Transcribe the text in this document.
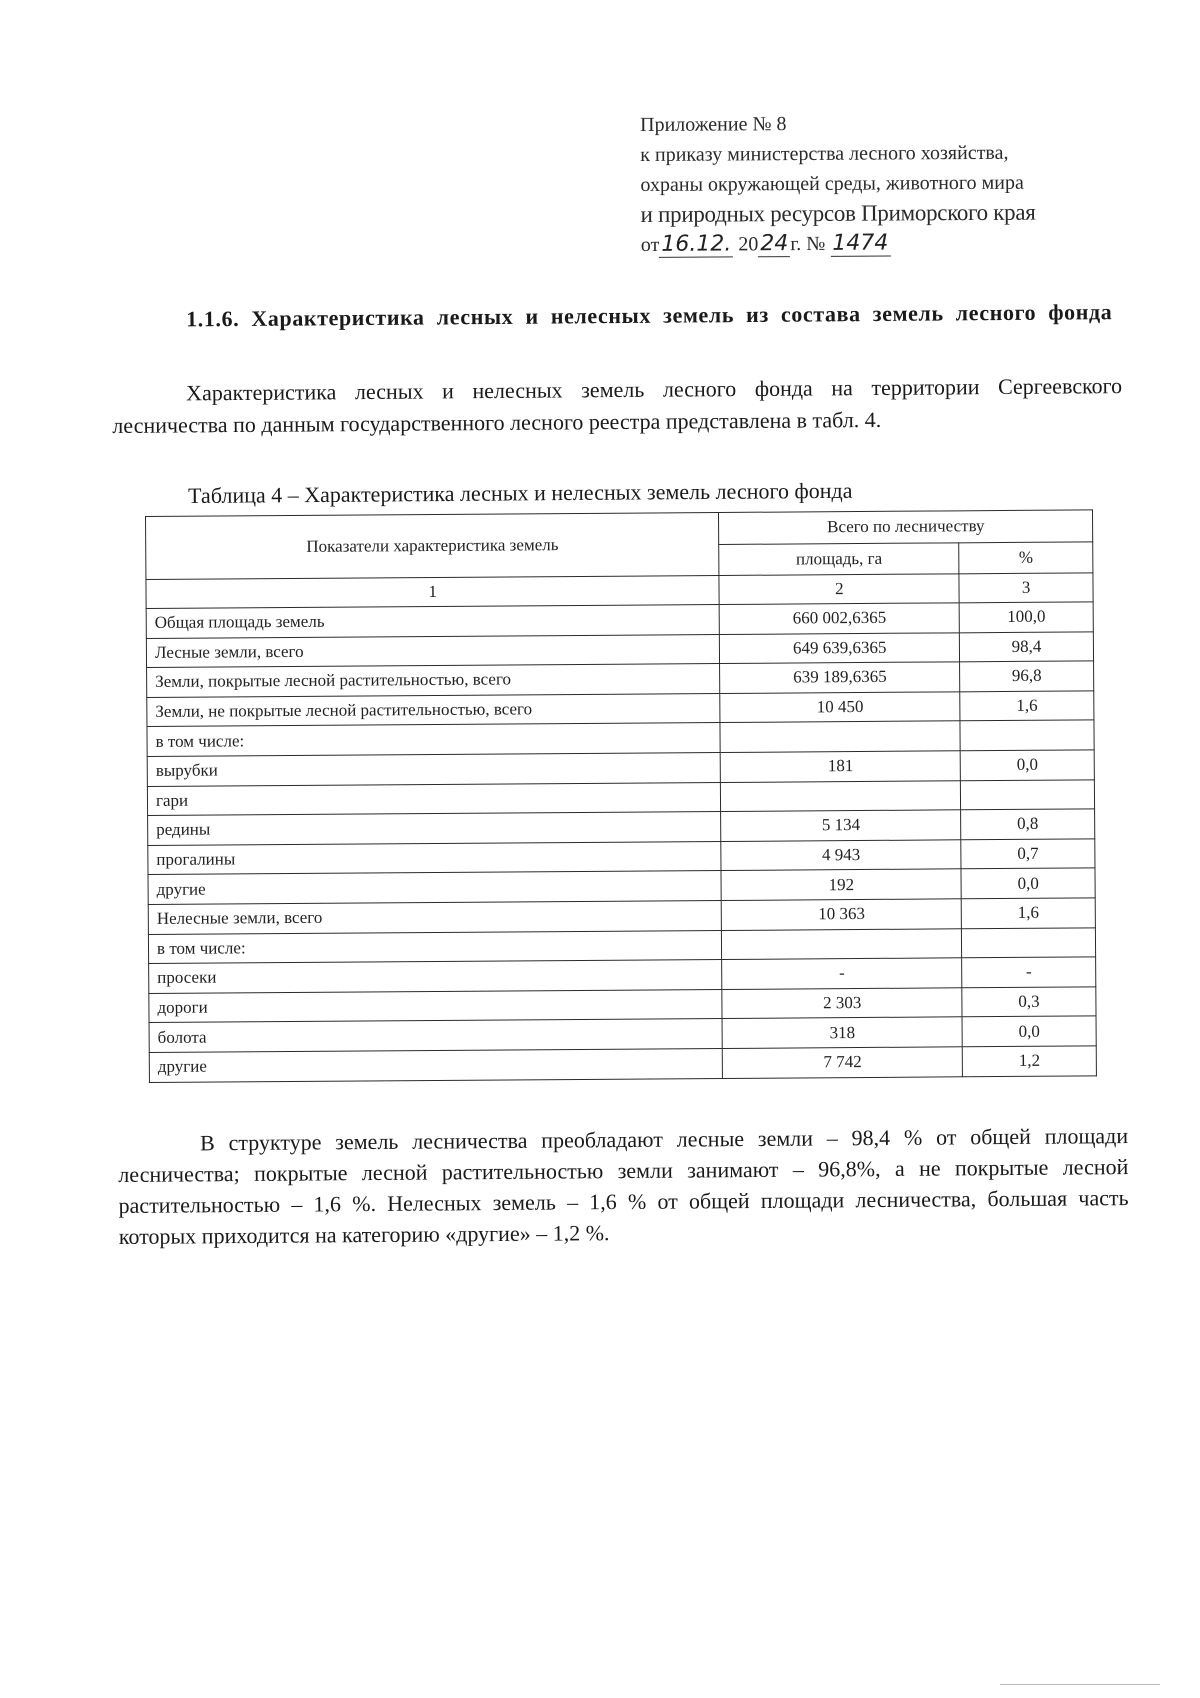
Приложение № 8
к приказу министерства лесного хозяйства,
охраны окружающей среды, животного мира
и природных ресурсов Приморского края
от16.12. 2024г. № 1474
1.1.6. Характеристика лесных и нелесных земель из состава земель лесного фонда
Характеристика лесных и нелесных земель лесного фонда на территории Сергеевского лесничества по данным государственного лесного реестра представлена в табл. 4.
Таблица 4 – Характеристика лесных и нелесных земель лесного фонда
Показатели характеристика земель	Всего по лесничеству	
	площадь, га	%
1	2	3
Общая площадь земель	660 002,6365	100,0
Лесные земли, всего	649 639,6365	98,4
Земли, покрытые лесной растительностью, всего	639 189,6365	96,8
Земли, не покрытые лесной растительностью, всего	10 450	1,6
в том числе:		
вырубки	181	0,0
гари		
редины	5 134	0,8
прогалины	4 943	0,7
другие	192	0,0
Нелесные земли, всего	10 363	1,6
в том числе:		
просеки	-	-
дороги	2 303	0,3
болота	318	0,0
другие	7 742	1,2
В структуре земель лесничества преобладают лесные земли – 98,4 % от общей площади лесничества; покрытые лесной растительностью земли занимают – 96,8%, а не покрытые лесной растительностью – 1,6 %. Нелесных земель – 1,6 % от общей площади лесничества, большая часть которых приходится на категорию «другие» – 1,2 %.
